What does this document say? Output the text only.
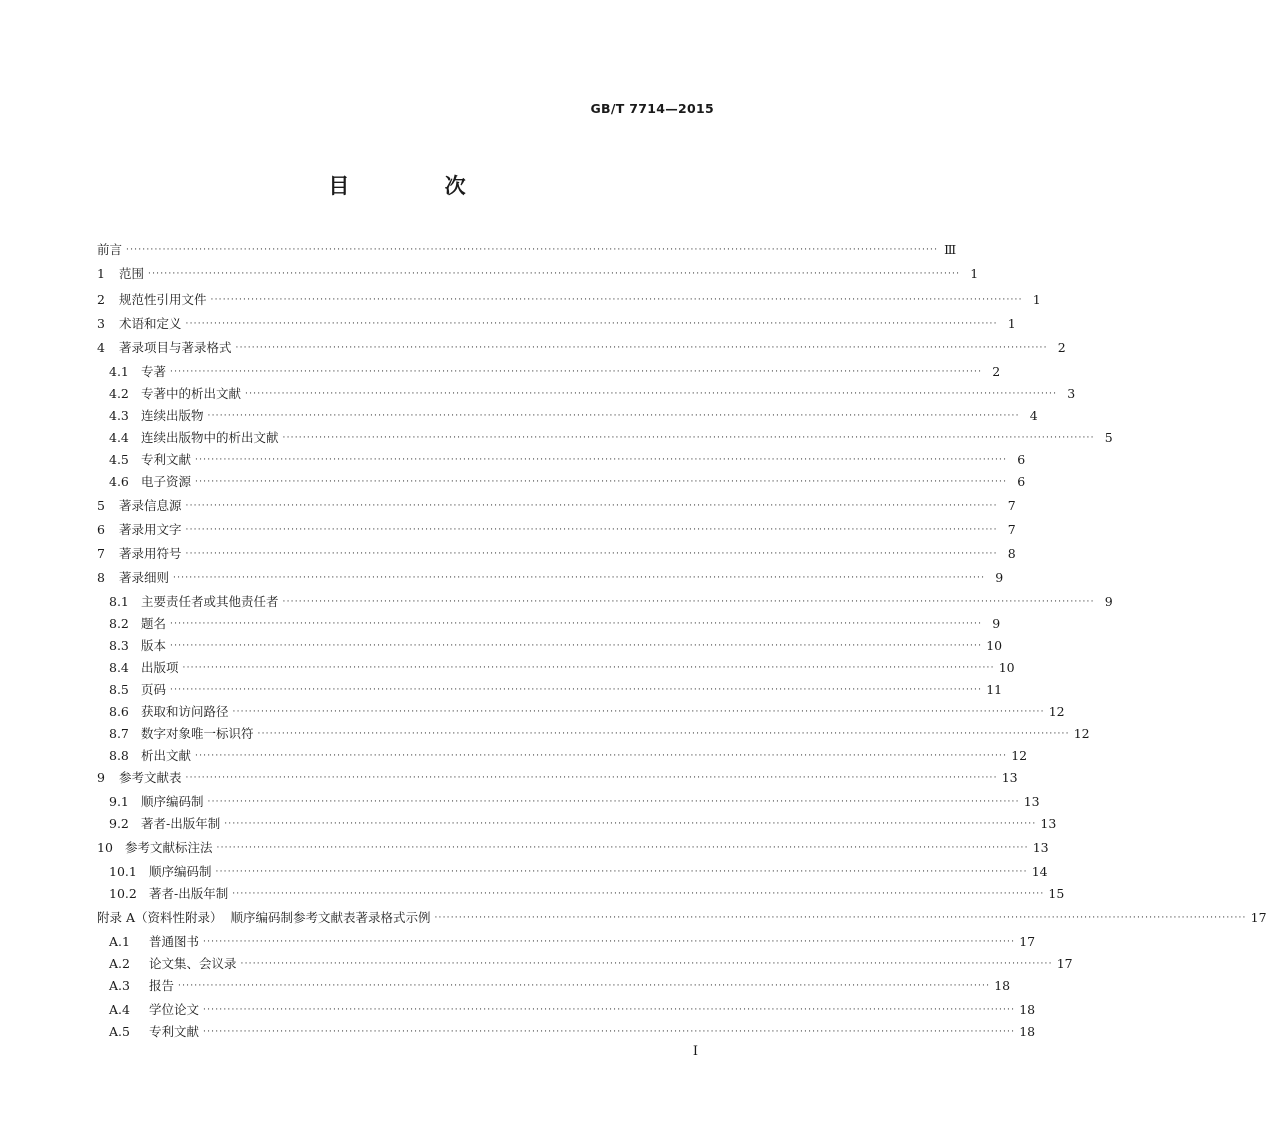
GB/T 7714—2015
目 次
前言 ········································································································································································································ Ⅲ
1	范围 ········································································································································································································ 1
2	规范性引用文件 ········································································································································································································ 1
3	术语和定义 ········································································································································································································ 1
4	著录项目与著录格式 ········································································································································································································ 2
4.1 专著 ········································································································································································································ 2
4.2 专著中的析出文献 ········································································································································································································ 3
4.3 连续出版物 ········································································································································································································ 4
4.4 连续出版物中的析出文献 ········································································································································································································ 5
4.5 专利文献 ········································································································································································································ 6
4.6 电子资源 ········································································································································································································ 6
5	著录信息源 ········································································································································································································ 7
6	著录用文字 ········································································································································································································ 7
7	著录用符号 ········································································································································································································ 8
8	著录细则 ········································································································································································································ 9
8.1 主要责任者或其他责任者 ········································································································································································································ 9
8.2 题名 ········································································································································································································ 9
8.3 版本 ········································································································································································································ 10
8.4 出版项 ········································································································································································································ 10
8.5 页码 ········································································································································································································ 11
8.6 获取和访问路径 ········································································································································································································ 12
8.7 数字对象唯一标识符 ········································································································································································································ 12
8.8 析出文献 ········································································································································································································ 12
9	参考文献表 ········································································································································································································ 13
9.1 顺序编码制 ········································································································································································································ 13
9.2 著者-出版年制 ········································································································································································································ 13
10 参考文献标注法 ········································································································································································································ 13
10.1 顺序编码制 ········································································································································································································ 14
10.2 著者-出版年制 ········································································································································································································ 15
附录 A（资料性附录）  顺序编码制参考文献表著录格式示例 ········································································································································································································ 17
A.1	普通图书 ········································································································································································································ 17
A.2	论文集、会议录 ········································································································································································································ 17
A.3	报告 ········································································································································································································ 18
A.4	学位论文 ········································································································································································································ 18
A.5	专利文献 ········································································································································································································ 18
I
